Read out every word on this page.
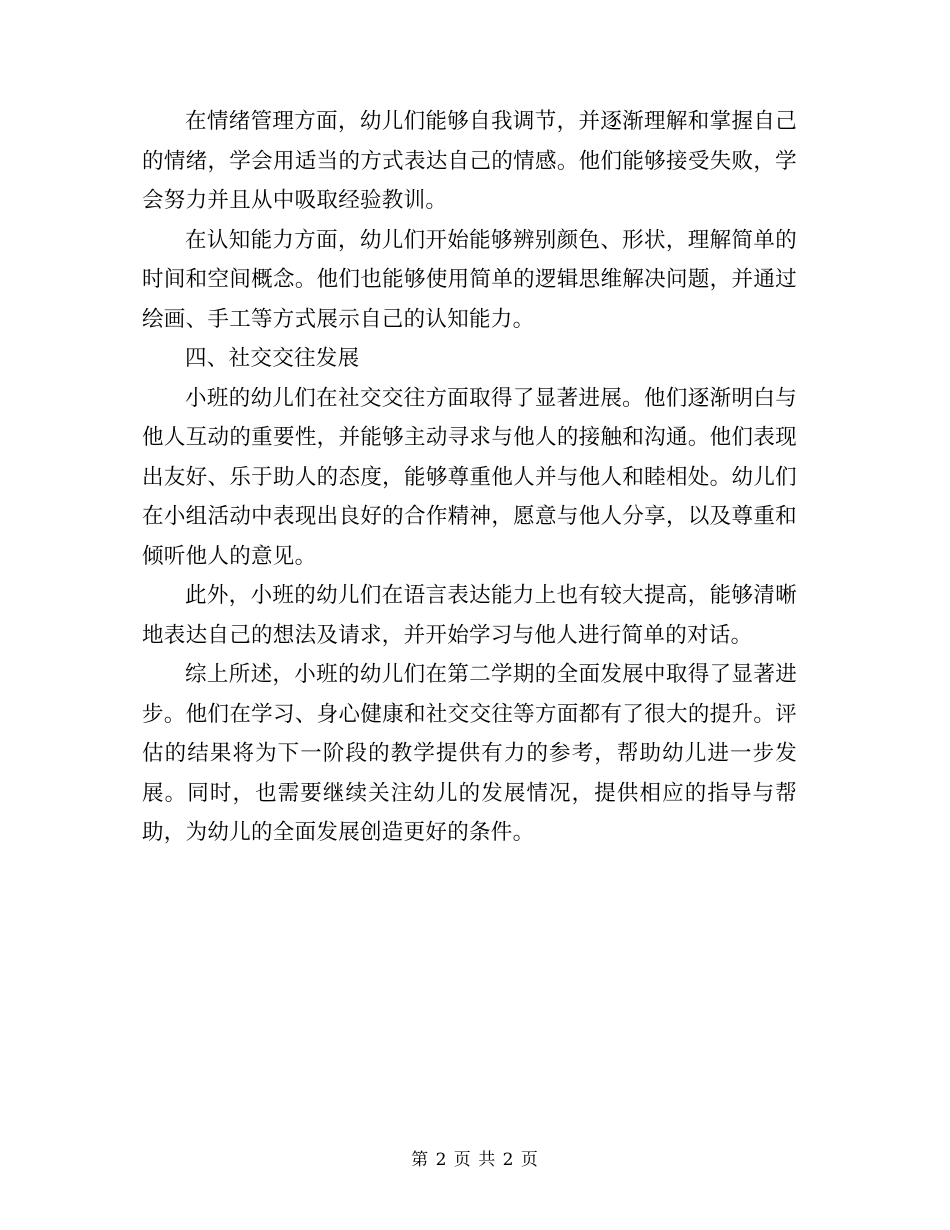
在情绪管理方面，幼儿们能够自我调节，并逐渐理解和掌握自己的情绪，学会用适当的方式表达自己的情感。他们能够接受失败，学会努力并且从中吸取经验教训。

在认知能力方面，幼儿们开始能够辨别颜色、形状，理解简单的时间和空间概念。他们也能够使用简单的逻辑思维解决问题，并通过绘画、手工等方式展示自己的认知能力。

四、社交交往发展

小班的幼儿们在社交交往方面取得了显著进展。他们逐渐明白与他人互动的重要性，并能够主动寻求与他人的接触和沟通。他们表现出友好、乐于助人的态度，能够尊重他人并与他人和睦相处。幼儿们在小组活动中表现出良好的合作精神，愿意与他人分享，以及尊重和倾听他人的意见。

此外，小班的幼儿们在语言表达能力上也有较大提高，能够清晰地表达自己的想法及请求，并开始学习与他人进行简单的对话。

综上所述，小班的幼儿们在第二学期的全面发展中取得了显著进步。他们在学习、身心健康和社交交往等方面都有了很大的提升。评估的结果将为下一阶段的教学提供有力的参考，帮助幼儿进一步发展。同时，也需要继续关注幼儿的发展情况，提供相应的指导与帮助，为幼儿的全面发展创造更好的条件。

第 2 页 共 2 页
